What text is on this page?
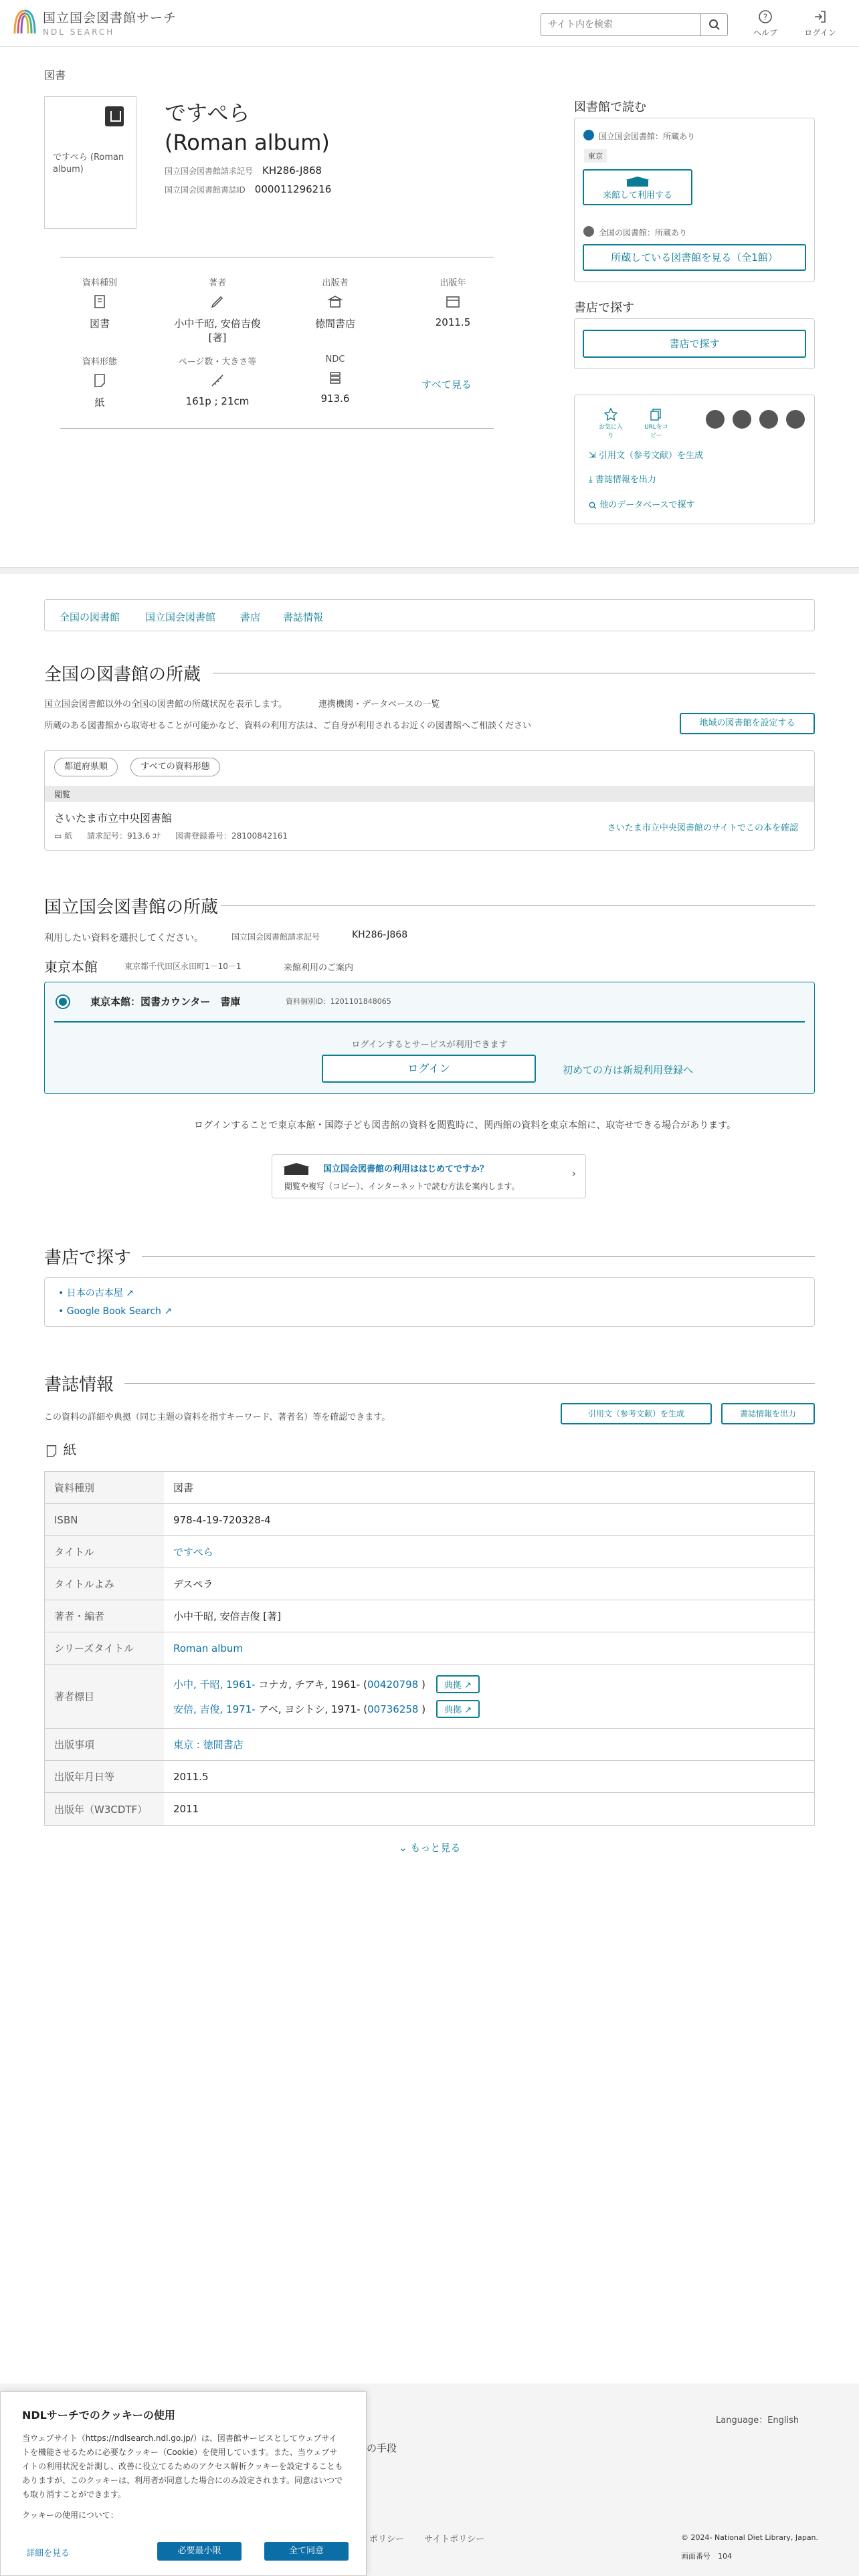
国立国会図書館サーチ
NDL SEARCH
サイト内を検索
?
ヘルプ	ログイン
図書
ですぺら (Roman album)
ですぺら
(Roman album)
国立国会図書館請求記号 KH286-J868
国立国会図書館書誌ID 000011296216
資料種別
図書
著者
小中千昭, 安倍吉俊 [著]
出版者
徳間書店
出版年
2011.5
資料形態
紙
ページ数・大きさ等
161p ; 21cm
NDC
913.6
すべて見る
図書館で読む
国立国会図書館：所蔵あり
東京
来館して利用する
全国の図書館：所蔵あり
所蔵している図書館を見る（全1館）
書店で探す
書店で探す
お気に入り
URLをコピー
⇲ 引用文（参考文献）を生成
⤓ 書誌情報を出力
他のデータベースで探す
全国の図書館	国立国会図書館 書店 書誌情報
全国の図書館の所蔵
国立国会図書館以外の全国の図書館の所蔵状況を表示します。	連携機関・データベースの一覧
所蔵のある図書館から取寄せることが可能かなど、資料の利用方法は、ご自身が利用されるお近くの図書館へご相談ください	地域の図書館を設定する
都道府県順	すべての資料形態
閲覧
さいたま市立中央図書館
▭ 紙 請求記号：913.6 ｺﾅ 図書登録番号：28100842161
さいたま市立中央図書館のサイトでこの本を確認
国立国会図書館の所蔵
利用したい資料を選択してください。	国立国会図書館請求記号	KH286-J868
東京本館	東京都千代田区永田町1－10－1	来館利用のご案内
東京本館：図書カウンター　書庫	資料個別ID：1201101848065
ログインするとサービスが利用できます
ログイン	初めての方は新規利用登録へ
ログインすることで東京本館・国際子ども図書館の資料を閲覧時に、関西館の資料を東京本館に、取寄せできる場合があります。
国立国会図書館の利用ははじめてですか？
閲覧や複写（コピー）、インターネットで読む方法を案内します。
›
書店で探す
• 日本の古本屋 ↗
• Google Book Search ↗
書誌情報
この資料の詳細や典拠（同じ主題の資料を指すキーワード、著者名）等を確認できます。	引用文（参考文献）を生成	書誌情報を出力
紙
資料種別	図書
ISBN	978-4-19-720328-4
タイトル	ですぺら
タイトルよみ	デスペラ
著者・編者	小中千昭, 安倍吉俊 [著]
シリーズタイトル	Roman album
著者標目
小中, 千昭, 1961- コナカ, チアキ, 1961- (00420798 ) 典拠 ↗
安倍, 吉俊, 1971- アベ, ヨシトシ, 1971- (00736258 ) 典拠 ↗
出版事項	東京 : 徳間書店
出版年月日等	2011.5
出版年（W3CDTF）	2011
⌄ もっと見る
Language：English
の手段
ポリシー サイトポリシー	© 2024- National Diet Library, Japan.
画面番号　 104
NDLサーチでのクッキーの使用

当ウェブサイト（https://ndlsearch.ndl.go.jp/）は、図書館サービスとしてウェブサイトを機能させるために必要なクッキー（Cookie）を使用しています。また、当ウェブサイトの利用状況を計測し、改善に役立てるためのアクセス解析クッキーを設定することもありますが、このクッキーは、利用者が同意した場合にのみ設定されます。同意はいつでも取り消すことができます。

クッキーの使用について：

詳細を見る	必要最小限	全て同意
